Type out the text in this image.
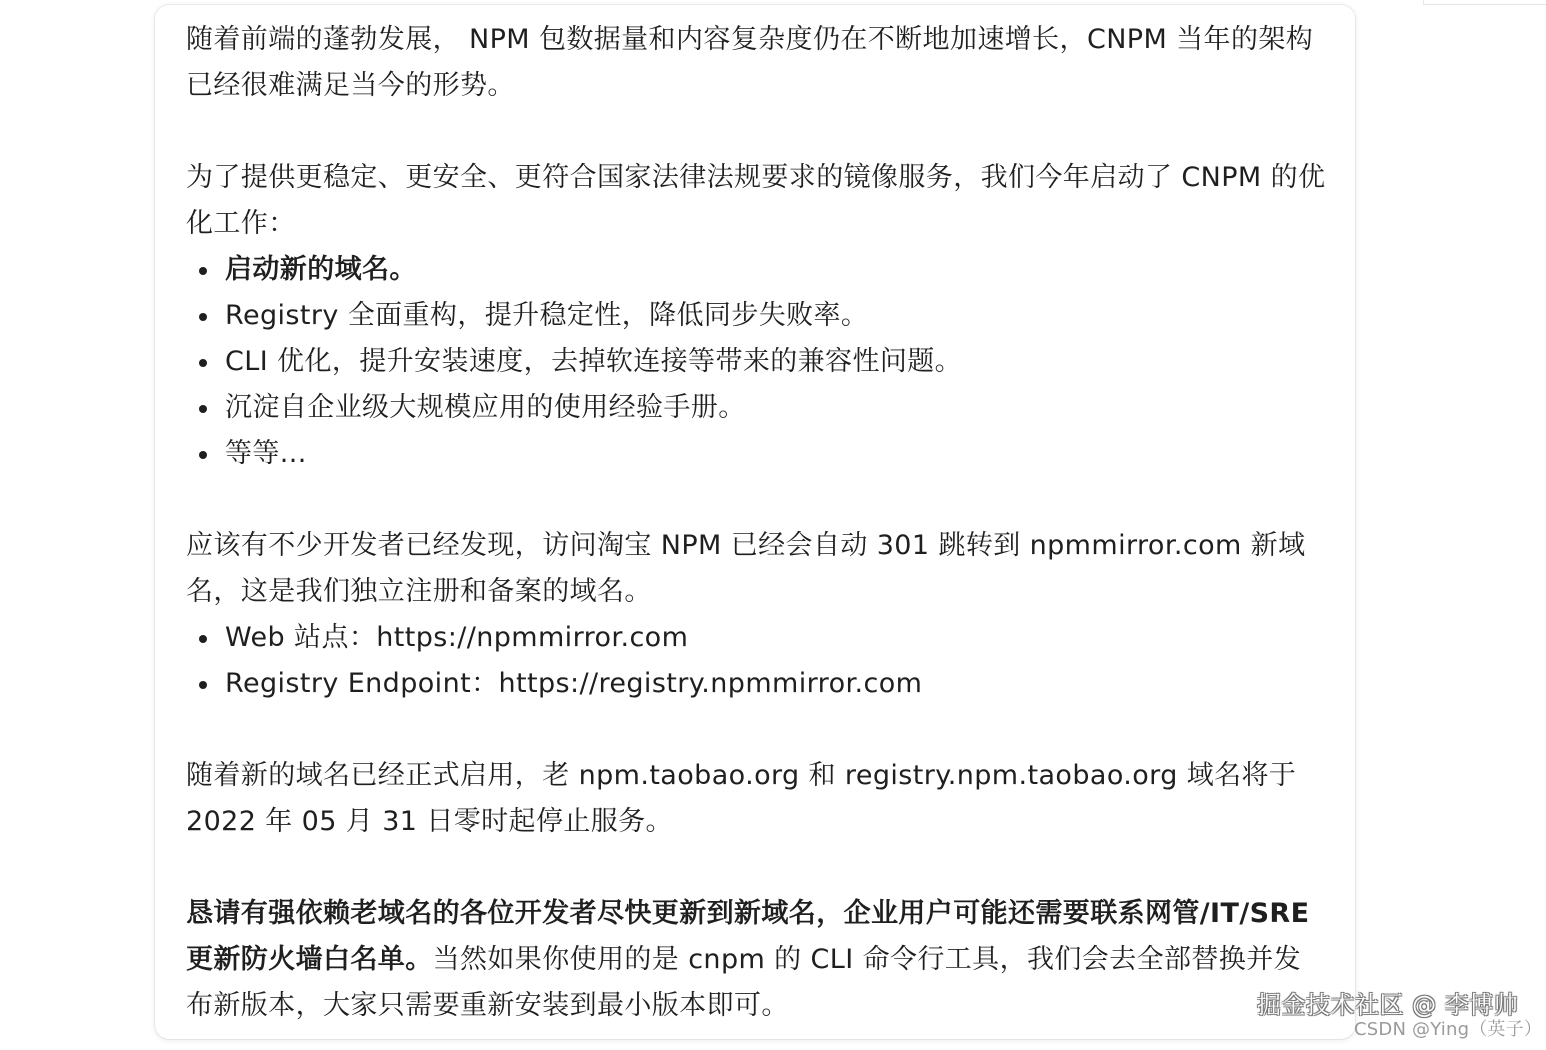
随着前端的蓬勃发展， NPM 包数据量和内容复杂度仍在不断地加速增长，CNPM 当年的架构已经很难满足当今的形势。

为了提供更稳定、更安全、更符合国家法律法规要求的镜像服务，我们今年启动了 CNPM 的优化工作：

启动新的域名。
Registry 全面重构，提升稳定性，降低同步失败率。
CLI 优化，提升安装速度，去掉软连接等带来的兼容性问题。
沉淀自企业级大规模应用的使用经验手册。
等等...

应该有不少开发者已经发现，访问淘宝 NPM 已经会自动 301 跳转到 npmmirror.com 新域名，这是我们独立注册和备案的域名。

Web 站点：https://npmmirror.com
Registry Endpoint：https://registry.npmmirror.com

随着新的域名已经正式启用，老 npm.taobao.org 和 registry.npm.taobao.org 域名将于 2022 年 05 月 31 日零时起停止服务。

恳请有强依赖老域名的各位开发者尽快更新到新域名，企业用户可能还需要联系网管/IT/SRE 更新防火墙白名单。当然如果你使用的是 cnpm 的 CLI 命令行工具，我们会去全部替换并发布新版本，大家只需要重新安装到最小版本即可。	掘金技术社区 @ 李博帅
CSDN @Ying（英子）
